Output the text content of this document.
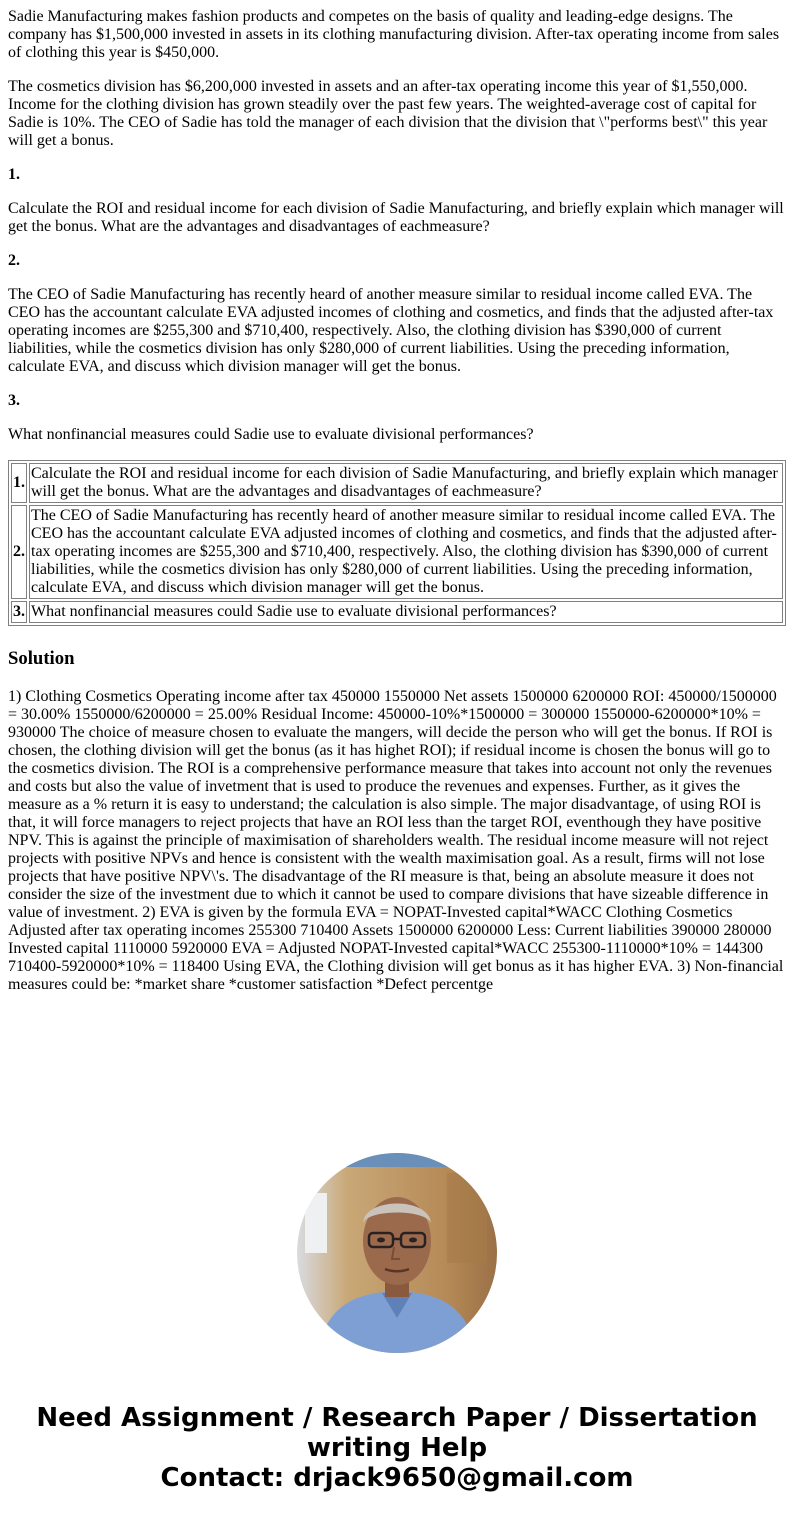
Sadie Manufacturing makes fashion products and competes on the basis of quality and leading-edge designs. The company has $1,500,000 invested in assets in its clothing manufacturing division. After-tax operating income from sales of clothing this year is $450,000.

The cosmetics division has $6,200,000 invested in assets and an after-tax operating income this year of $1,550,000. Income for the clothing division has grown steadily over the past few years. The weighted-average cost of capital for Sadie is 10%. The CEO of Sadie has told the manager of each division that the division that \"performs best\" this year will get a bonus.

1.

Calculate the ROI and residual income for each division of Sadie Manufacturing, and briefly explain which manager will get the bonus. What are the advantages and disadvantages of eachmeasure?

2.

The CEO of Sadie Manufacturing has recently heard of another measure similar to residual income called EVA. The CEO has the accountant calculate EVA adjusted incomes of clothing and cosmetics, and finds that the adjusted after-tax operating incomes are $255,300 and $710,400, respectively. Also, the clothing division has $390,000 of current liabilities, while the cosmetics division has only $280,000 of current liabilities. Using the preceding information, calculate EVA, and discuss which division manager will get the bonus.

3.

What nonfinancial measures could Sadie use to evaluate divisional performances?

1.	Calculate the ROI and residual income for each division of Sadie Manufacturing, and briefly explain which manager will get the bonus. What are the advantages and disadvantages of eachmeasure?
2.	The CEO of Sadie Manufacturing has recently heard of another measure similar to residual income called EVA. The CEO has the accountant calculate EVA adjusted incomes of clothing and cosmetics, and finds that the adjusted after-tax operating incomes are $255,300 and $710,400, respectively. Also, the clothing division has $390,000 of current liabilities, while the cosmetics division has only $280,000 of current liabilities. Using the preceding information, calculate EVA, and discuss which division manager will get the bonus.
3.	What nonfinancial measures could Sadie use to evaluate divisional performances?
Solution

1) Clothing Cosmetics Operating income after tax 450000 1550000 Net assets 1500000 6200000 ROI: 450000/1500000 = 30.00% 1550000/6200000 = 25.00% Residual Income: 450000-10%*1500000 = 300000 1550000-6200000*10% = 930000 The choice of measure chosen to evaluate the mangers, will decide the person who will get the bonus. If ROI is chosen, the clothing division will get the bonus (as it has highet ROI); if residual income is chosen the bonus will go to the cosmetics division. The ROI is a comprehensive performance measure that takes into account not only the revenues and costs but also the value of invetment that is used to produce the revenues and expenses. Further, as it gives the measure as a % return it is easy to understand; the calculation is also simple. The major disadvantage, of using ROI is that, it will force managers to reject projects that have an ROI less than the target ROI, eventhough they have positive NPV. This is against the principle of maximisation of shareholders wealth. The residual income measure will not reject projects with positive NPVs and hence is consistent with the wealth maximisation goal. As a result, firms will not lose projects that have positive NPV\'s. The disadvantage of the RI measure is that, being an absolute measure it does not consider the size of the investment due to which it cannot be used to compare divisions that have sizeable difference in value of investment. 2) EVA is given by the formula EVA = NOPAT-Invested capital*WACC Clothing Cosmetics Adjusted after tax operating incomes 255300 710400 Assets 1500000 6200000 Less: Current liabilities 390000 280000 Invested capital 1110000 5920000 EVA = Adjusted NOPAT-Invested capital*WACC 255300-1110000*10% = 144300 710400-5920000*10% = 118400 Using EVA, the Clothing division will get bonus as it has higher EVA. 3) Non-financial measures could be: *market share *customer satisfaction *Defect percentge

Need Assignment / Research Paper / Dissertation
writing Help
Contact: drjack9650@gmail.com
